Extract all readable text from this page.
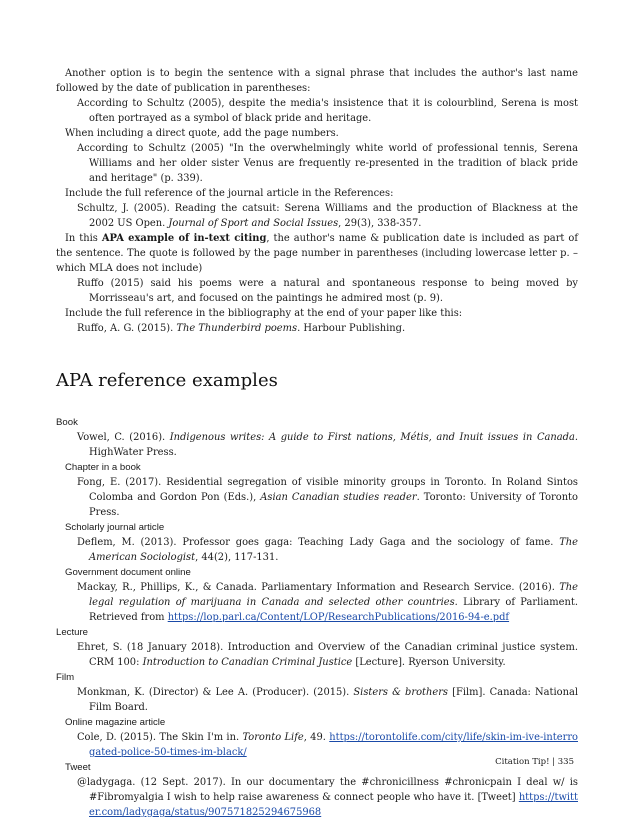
Another option is to begin the sentence with a signal phrase that includes the author's last name followed by the date of publication in parentheses:

According to Schultz (2005), despite the media's insistence that it is colourblind, Serena is most often portrayed as a symbol of black pride and heritage.

When including a direct quote, add the page numbers.

According to Schultz (2005) "In the overwhelmingly white world of professional tennis, Serena Williams and her older sister Venus are frequently re-presented in the tradition of black pride and heritage" (p. 339).

Include the full reference of the journal article in the References:

Schultz, J. (2005). Reading the catsuit: Serena Williams and the production of Blackness at the 2002 US Open. Journal of Sport and Social Issues, 29(3), 338-357.

In this APA example of in-text citing, the author's name & publication date is included as part of the sentence. The quote is followed by the page number in parentheses (including lowercase letter p. – which MLA does not include)

Ruffo (2015) said his poems were a natural and spontaneous response to being moved by Morrisseau's art, and focused on the paintings he admired most (p. 9).

Include the full reference in the bibliography at the end of your paper like this:

Ruffo, A. G. (2015). The Thunderbird poems. Harbour Publishing.

APA reference examples

Book

Vowel, C. (2016). Indigenous writes: A guide to First nations, Métis, and Inuit issues in Canada. HighWater Press.

Chapter in a book

Fong, E. (2017). Residential segregation of visible minority groups in Toronto. In Roland Sintos Colomba and Gordon Pon (Eds.), Asian Canadian studies reader. Toronto: University of Toronto Press.

Scholarly journal article

Deflem, M. (2013). Professor goes gaga: Teaching Lady Gaga and the sociology of fame. The American Sociologist, 44(2), 117-131.

Government document online

Mackay, R., Phillips, K., & Canada. Parliamentary Information and Research Service. (2016). The legal regulation of marijuana in Canada and selected other countries. Library of Parliament. Retrieved from https://lop.parl.ca/Content/LOP/ResearchPublications/2016-94-e.pdf

Lecture

Ehret, S. (18 January 2018). Introduction and Overview of the Canadian criminal justice system. CRM 100: Introduction to Canadian Criminal Justice [Lecture]. Ryerson University.

Film

Monkman, K. (Director) & Lee A. (Producer). (2015). Sisters & brothers [Film]. Canada: National Film Board.

Online magazine article

Cole, D. (2015). The Skin I'm in. Toronto Life, 49. https://torontolife.com/city/life/skin-im-ive-interrogated-police-50-times-im-black/

Tweet

@ladygaga. (12 Sept. 2017). In our documentary the #chronicillness #chronicpain I deal w/ is #Fibromyalgia I wish to help raise awareness & connect people who have it. [Tweet] https://twitter.com/ladygaga/status/907571825294675968

Citation Tip! | 335
